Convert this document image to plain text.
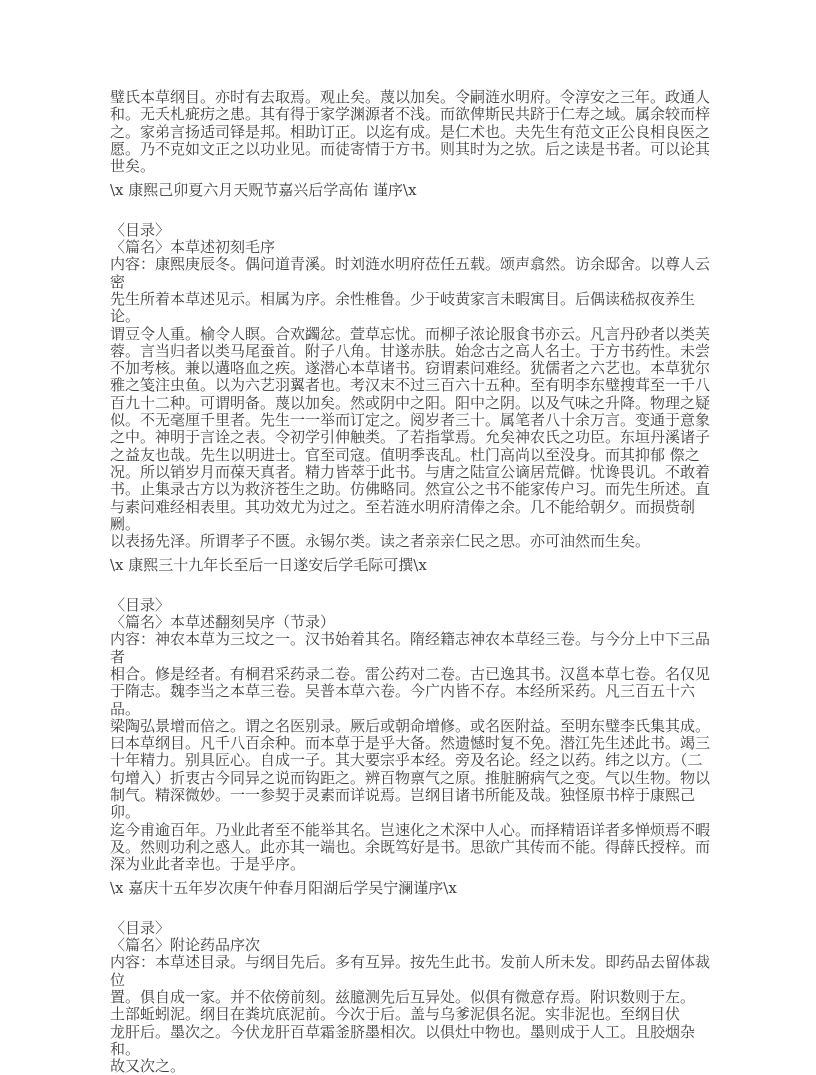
璧氏本草纲目。亦时有去取焉。观止矣。蔑以加矣。令嗣涟水明府。令淳安之三年。政通人
和。无夭札疵疠之患。其有得于家学渊源者不浅。而欲俾斯民共跻于仁寿之域。属余较而梓
之。家弟言扬适司铎是邦。相助订正。以迄有成。是仁术也。夫先生有范文正公良相良医之
愿。乃不克如文正之以功业见。而徒寄情于方书。则其时为之欤。后之读是书者。可以论其
世矣。
\x 康熙己卯夏六月天贶节嘉兴后学高佑 谨序\x
〈目录〉
〈篇名〉本草述初刻毛序
内容：康熙庚辰冬。偶问道青溪。时刘涟水明府莅任五载。颂声翕然。访余邸舍。以尊人云密
先生所着本草述见示。相属为序。余性椎鲁。少于岐黄家言未暇寓目。后偶读嵇叔夜养生论。
谓豆令人重。榆令人瞑。合欢蠲忿。萱草忘忧。而柳子浓论服食书亦云。凡言丹砂者以类芙
蓉。言当归者以类马尾蚕首。附子八角。甘遂赤肤。始念古之高人名士。于方书药性。未尝
不加考核。兼以遘咯血之疾。遂潜心本草诸书。窃谓素问难经。犹儒者之六艺也。本草犹尔
雅之笺注虫鱼。以为六艺羽翼者也。考汉末不过三百六十五种。至有明李东璧搜茸至一千八
百九十二种。可谓明备。蔑以加矣。然或阴中之阳。阳中之阴。以及气味之升降。物理之疑
似。不无毫厘千里者。先生一一举而订定之。阅岁者三十。属笔者八十余万言。变通于意象
之中。神明于言诠之表。令初学引伸触类。了若指掌焉。允矣神农氏之功臣。东垣丹溪诸子
之益友也哉。先生以明进士。官至司寇。值明季丧乱。杜门高尚以至没身。而其抑郁 傺之
况。所以销岁月而葆天真者。精力皆萃于此书。与唐之陆宣公谪居荒僻。忧谗畏讥。不敢着
书。止集录古方以为救济苍生之助。仿佛略同。然宣公之书不能家传户习。而先生所述。直
与素问难经相表里。其功效尤为过之。至若涟水明府清俸之余。几不能给朝夕。而损赀剞劂。
以表扬先泽。所谓孝子不匮。永锡尔类。读之者亲亲仁民之思。亦可油然而生矣。
\x 康熙三十九年长至后一日遂安后学毛际可撰\x
〈目录〉
〈篇名〉本草述翻刻吴序（节录）
内容：神农本草为三坟之一。汉书始着其名。隋经籍志神农本草经三卷。与今分上中下三品者
相合。修是经者。有桐君采药录二卷。雷公药对二卷。古已逸其书。汉邕本草七卷。名仅见
于隋志。魏李当之本草三卷。吴普本草六卷。今广内皆不存。本经所采药。凡三百五十六品。
梁陶弘景增而倍之。谓之名医别录。厥后或朝命增修。或名医附益。至明东璧李氏集其成。
曰本草纲目。凡千八百余种。而本草于是乎大备。然遗憾时复不免。潜江先生述此书。竭三
十年精力。别具匠心。自成一子。其大要宗乎本经。旁及名论。经之以药。纬之以方。（二
句增入）折衷古今同异之说而钩距之。辨百物禀气之原。推脏腑病气之变。气以生物。物以
制气。精深微妙。一一参契于灵素而详说焉。岂纲目诸书所能及哉。独怪原书梓于康熙己卯。
迄今甫逾百年。乃业此者至不能举其名。岂速化之术深中人心。而择精语详者多惮烦焉不暇
及。然则功利之惑人。此亦其一端也。余既笃好是书。思欲广其传而不能。得薛氏授梓。而
深为业此者幸也。于是乎序。
\x 嘉庆十五年岁次庚午仲春月阳湖后学吴宁澜谨序\x
〈目录〉
〈篇名〉附论药品序次
内容：本草述目录。与纲目先后。多有互异。按先生此书。发前人所未发。即药品去留体裁位
置。俱自成一家。并不依傍前刻。兹臆测先后互异处。似俱有微意存焉。附识数则于左。
土部蚯蚓泥。纲目在粪坑底泥前。今次于后。盖与乌爹泥俱名泥。实非泥也。至纲目伏
龙肝后。墨次之。今伏龙肝百草霜釜脐墨相次。以俱灶中物也。墨则成于人工。且胶烟杂和。
故又次之。
